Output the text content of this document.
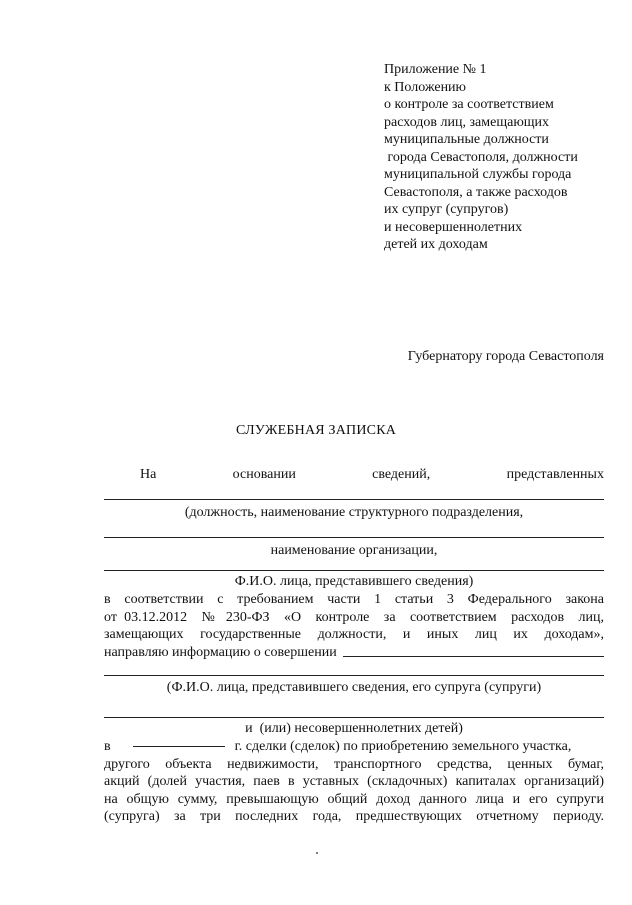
Приложение № 1
к Положению
о контроле за соответствием
расходов лиц, замещающих
муниципальные должности
города Севастополя, должности
муниципальной службы города
Севастополя, а также расходов
их супруг (супругов)
и несовершеннолетних
детей их доходам
Губернатору города Севастополя
СЛУЖЕБНАЯ ЗАПИСКА
На	основании	сведений,	представленных
(должность, наименование структурного подразделения,
наименование организации,
Ф.И.О. лица, представившего сведения)
в  соответствии  с  требованием  части  1  статьи  3  Федерального  закона
от 03.12.2012  № 230-ФЗ  «О  контроле  за  соответствием  расходов  лиц,
замещающих  государственные  должности,  и  иных  лиц  их  доходам»,
направляю информацию о совершении
(Ф.И.О. лица, представившего сведения, его супруга (супруги)
и  (или) несовершеннолетних детей)
в	г. сделки (сделок) по приобретению земельного участка,
другого  объекта  недвижимости,  транспортного  средства,  ценных  бумаг,
акций (долей участия, паев в уставных (складочных) капиталах организаций)
на общую сумму, превышающую общий доход данного лица и его супруги
(супруга)  за  три  последних  года,  предшествующих  отчетному  периоду.
